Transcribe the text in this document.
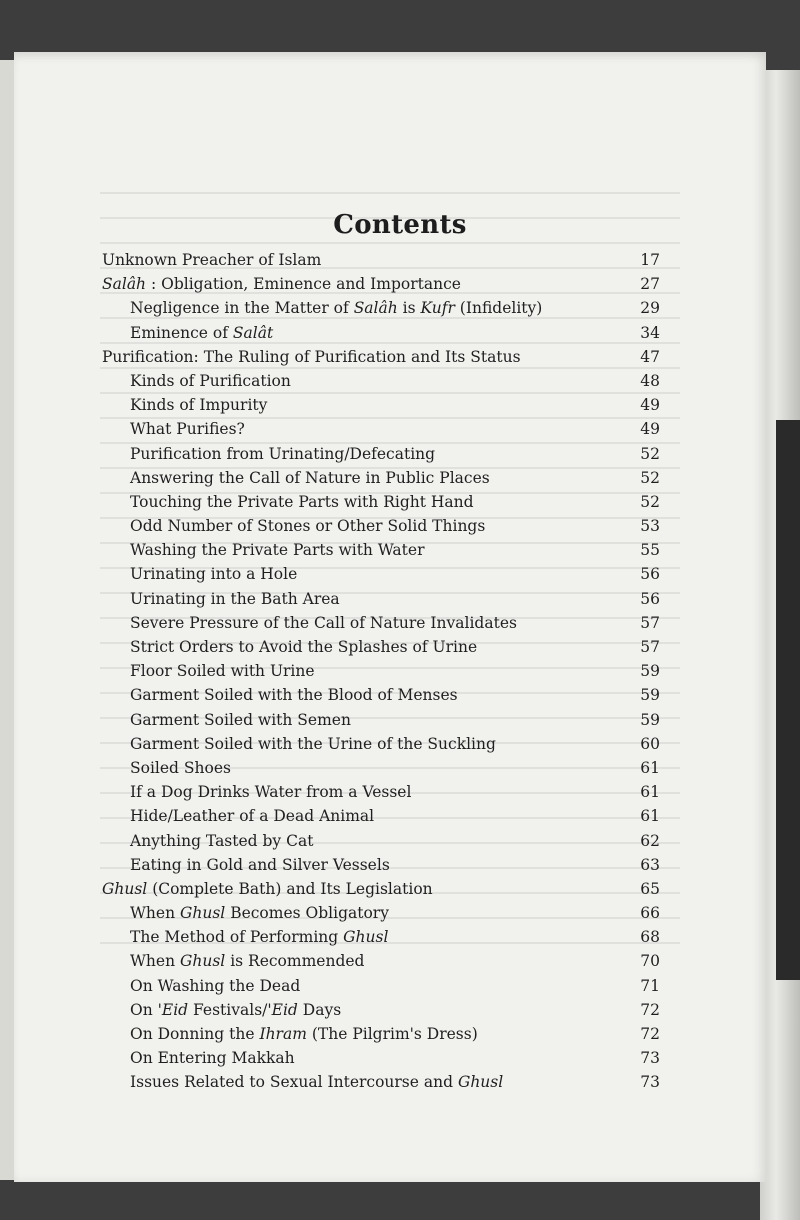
Contents
Unknown Preacher of Islam	17
Salâh : Obligation, Eminence and Importance	27
Negligence in the Matter of Salâh is Kufr (Infidelity)	29
Eminence of Salât	34
Purification: The Ruling of Purification and Its Status	47
Kinds of Purification	48
Kinds of Impurity	49
What Purifies?	49
Purification from Urinating/Defecating	52
Answering the Call of Nature in Public Places	52
Touching the Private Parts with Right Hand	52
Odd Number of Stones or Other Solid Things	53
Washing the Private Parts with Water	55
Urinating into a Hole	56
Urinating in the Bath Area	56
Severe Pressure of the Call of Nature Invalidates	57
Strict Orders to Avoid the Splashes of Urine	57
Floor Soiled with Urine	59
Garment Soiled with the Blood of Menses	59
Garment Soiled with Semen	59
Garment Soiled with the Urine of the Suckling	60
Soiled Shoes	61
If a Dog Drinks Water from a Vessel	61
Hide/Leather of a Dead Animal	61
Anything Tasted by Cat	62
Eating in Gold and Silver Vessels	63
Ghusl (Complete Bath) and Its Legislation	65
When Ghusl Becomes Obligatory	66
The Method of Performing Ghusl	68
When Ghusl is Recommended	70
On Washing the Dead	71
On 'Eid Festivals/'Eid Days	72
On Donning the Ihram (The Pilgrim's Dress)	72
On Entering Makkah	73
Issues Related to Sexual Intercourse and Ghusl	73
